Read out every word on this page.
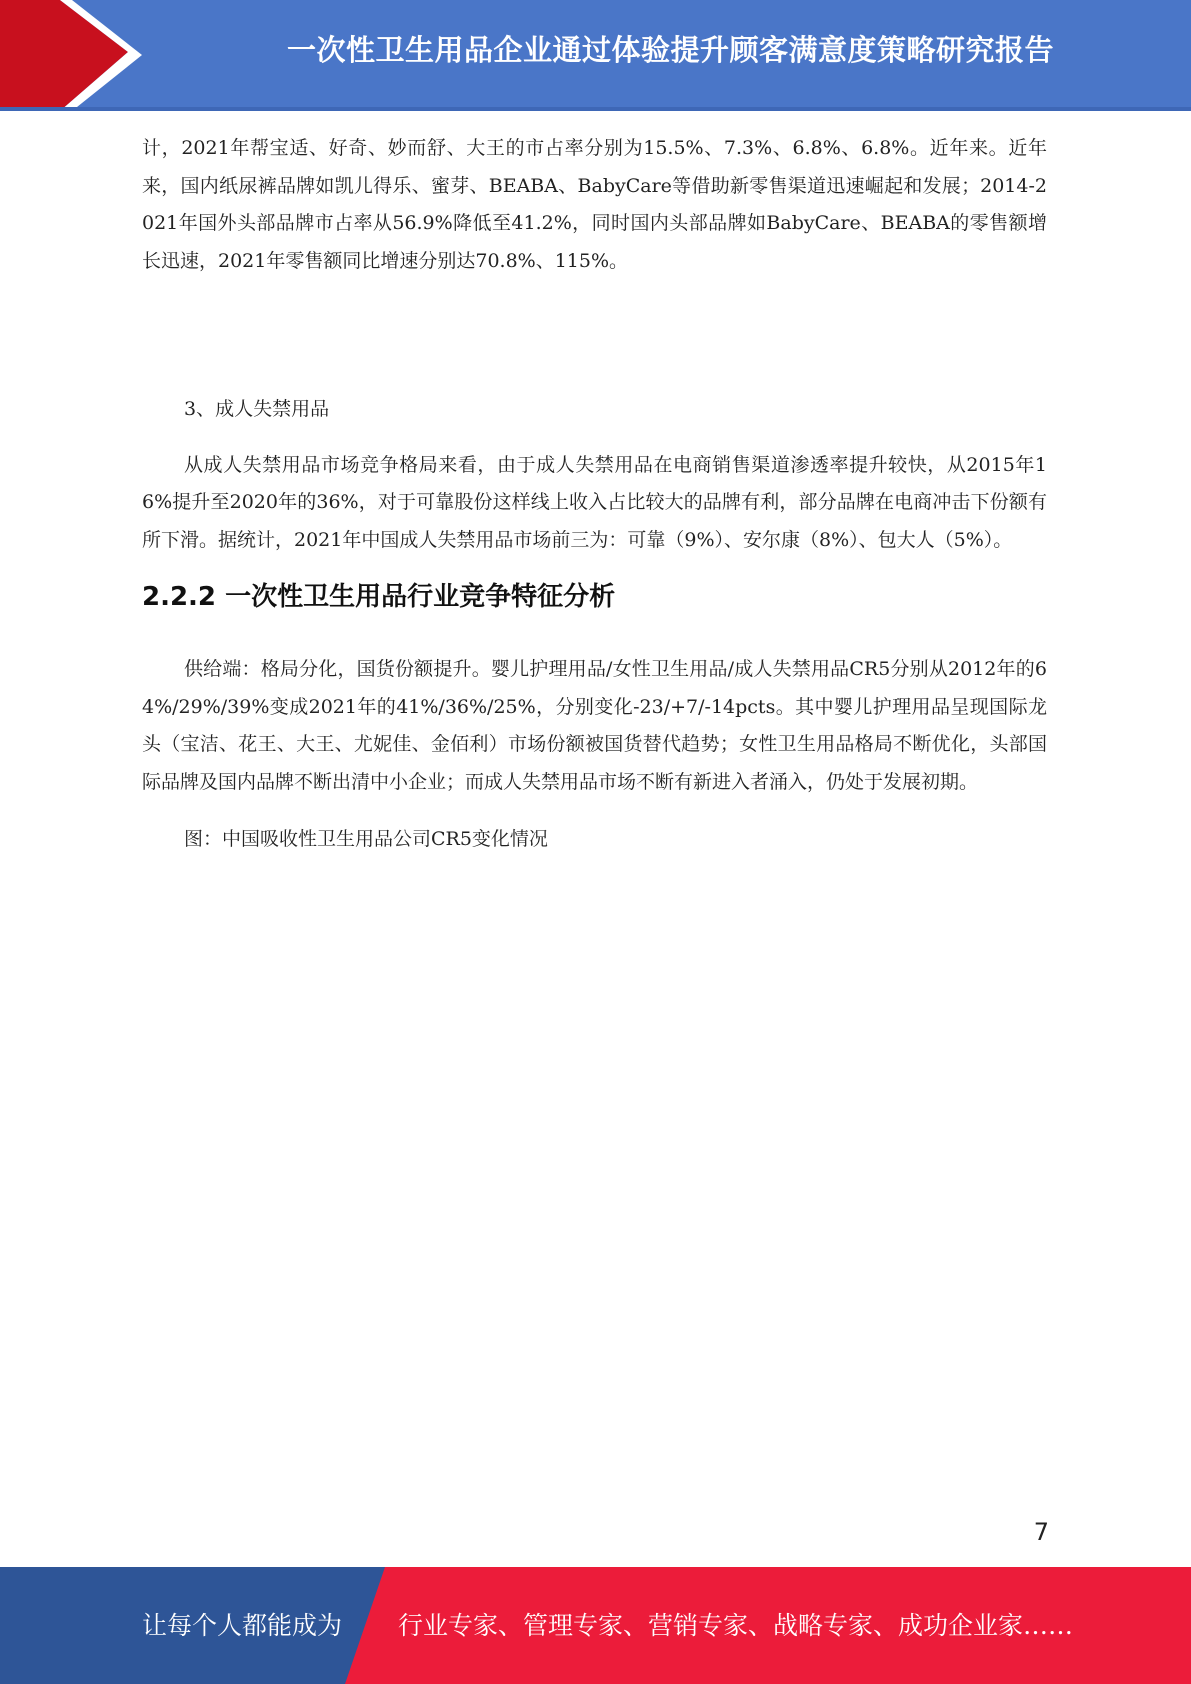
一次性卫生用品企业通过体验提升顾客满意度策略研究报告

计，2021年帮宝适、好奇、妙而舒、大王的市占率分别为15.5%、7.3%、6.8%、6.8%。近年来。近年来，国内纸尿裤品牌如凯儿得乐、蜜芽、BEABA、BabyCare等借助新零售渠道迅速崛起和发展；2014-2021年国外头部品牌市占率从56.9%降低至41.2%，同时国内头部品牌如BabyCare、BEABA的零售额增长迅速，2021年零售额同比增速分别达70.8%、115%。

3、成人失禁用品

从成人失禁用品市场竞争格局来看，由于成人失禁用品在电商销售渠道渗透率提升较快，从2015年16%提升至2020年的36%，对于可靠股份这样线上收入占比较大的品牌有利，部分品牌在电商冲击下份额有所下滑。据统计，2021年中国成人失禁用品市场前三为：可靠（9%）、安尔康（8%）、包大人（5%）。

2.2.2 一次性卫生用品行业竞争特征分析

供给端：格局分化，国货份额提升。婴儿护理用品/女性卫生用品/成人失禁用品CR5分别从2012年的64%/29%/39%变成2021年的41%/36%/25%，分别变化-23/+7/-14pcts。其中婴儿护理用品呈现国际龙头（宝洁、花王、大王、尤妮佳、金佰利）市场份额被国货替代趋势；女性卫生用品格局不断优化，头部国际品牌及国内品牌不断出清中小企业；而成人失禁用品市场不断有新进入者涌入，仍处于发展初期。

图：中国吸收性卫生用品公司CR5变化情况

7
让每个人都能成为 行业专家、管理专家、营销专家、战略专家、成功企业家……
